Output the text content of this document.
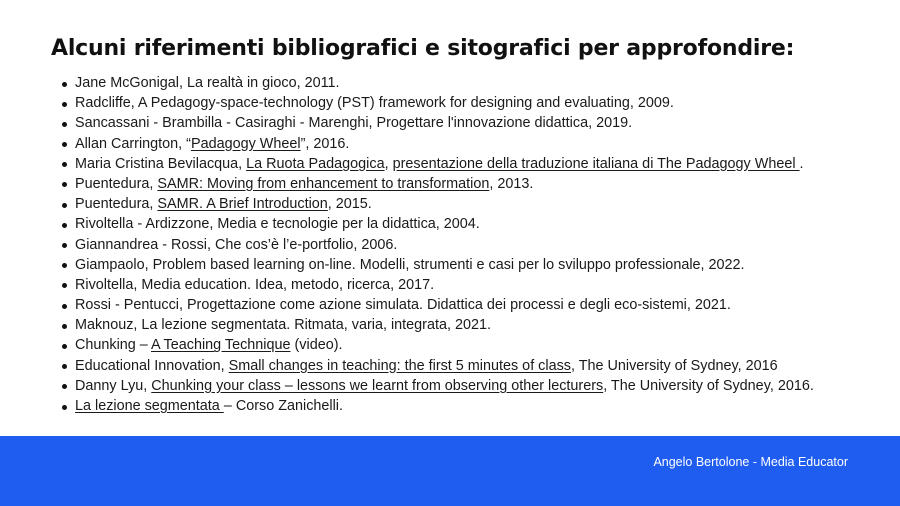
Alcuni riferimenti bibliografici e sitografici per approfondire:
Jane McGonigal, La realtà in gioco, 2011.
Radcliffe, A Pedagogy-space-technology (PST) framework for designing and evaluating, 2009.
Sancassani - Brambilla - Casiraghi - Marenghi, Progettare l'innovazione didattica, 2019.
Allan Carrington, “Padagogy Wheel”, 2016.
Maria Cristina Bevilacqua, La Ruota Padagogica, presentazione della traduzione italiana di The Padagogy Wheel .
Puentedura, SAMR: Moving from enhancement to transformation, 2013.
Puentedura, SAMR. A Brief Introduction, 2015.
Rivoltella - Ardizzone, Media e tecnologie per la didattica, 2004.
Giannandrea - Rossi, Che cos’è l’e-portfolio, 2006.
Giampaolo, Problem based learning on-line. Modelli, strumenti e casi per lo sviluppo professionale, 2022.
Rivoltella, Media education. Idea, metodo, ricerca, 2017.
Rossi - Pentucci, Progettazione come azione simulata. Didattica dei processi e degli eco-sistemi, 2021.
Maknouz, La lezione segmentata. Ritmata, varia, integrata, 2021.
Chunking – A Teaching Technique (video).
Educational Innovation, Small changes in teaching: the first 5 minutes of class, The University of Sydney, 2016
Danny Lyu, Chunking your class – lessons we learnt from observing other lecturers, The University of Sydney, 2016.
La lezione segmentata – Corso Zanichelli.
Angelo Bertolone - Media Educator
